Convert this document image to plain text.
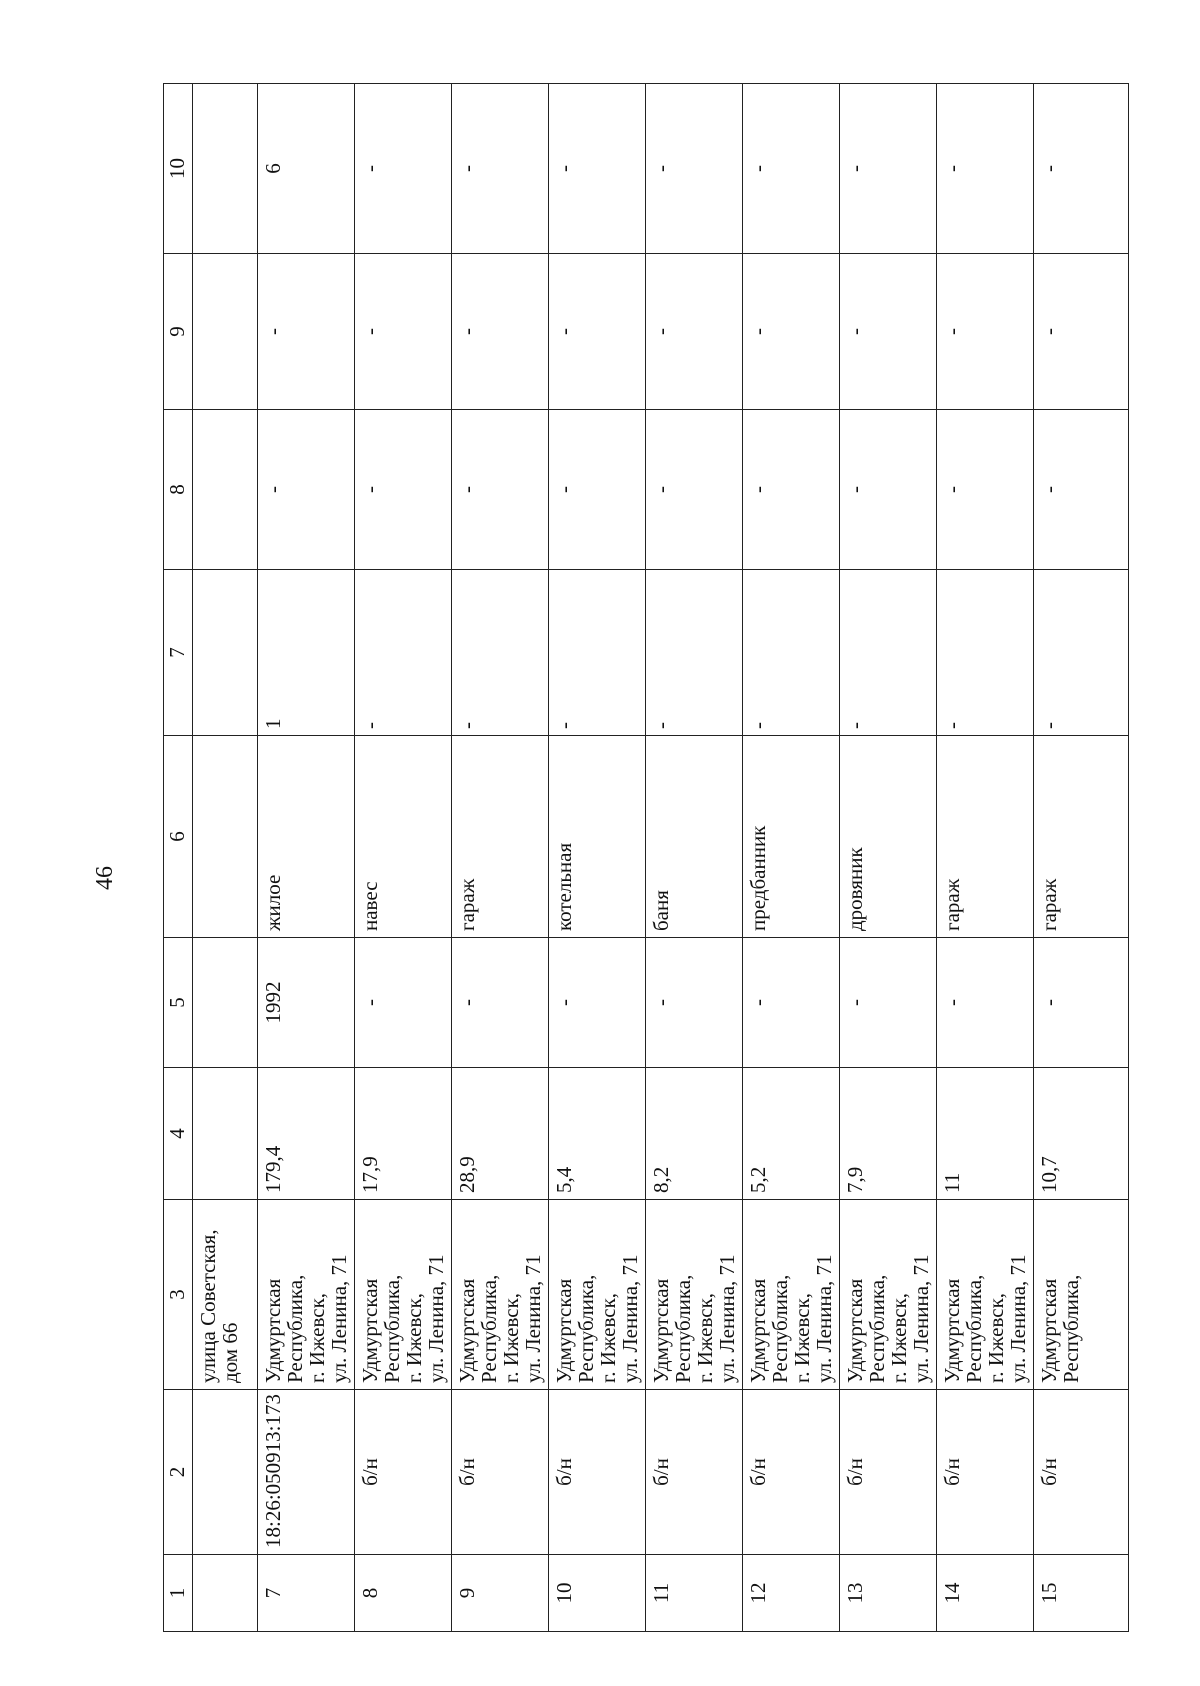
46
1	2	3	4	5	6	7	8	9	10
		улица Советская,
дом 66							
7	18:26:050913:173	Удмуртская
Республика,
г. Ижевск,
ул. Ленина, 71	179,4	1992	жилое	1	-	-	6
8	б/н	Удмуртская
Республика,
г. Ижевск,
ул. Ленина, 71	17,9	-	навес	-	-	-	-
9	б/н	Удмуртская
Республика,
г. Ижевск,
ул. Ленина, 71	28,9	-	гараж	-	-	-	-
10	б/н	Удмуртская
Республика,
г. Ижевск,
ул. Ленина, 71	5,4	-	котельная	-	-	-	-
11	б/н	Удмуртская
Республика,
г. Ижевск,
ул. Ленина, 71	8,2	-	баня	-	-	-	-
12	б/н	Удмуртская
Республика,
г. Ижевск,
ул. Ленина, 71	5,2	-	предбанник	-	-	-	-
13	б/н	Удмуртская
Республика,
г. Ижевск,
ул. Ленина, 71	7,9	-	дровяник	-	-	-	-
14	б/н	Удмуртская
Республика,
г. Ижевск,
ул. Ленина, 71	11	-	гараж	-	-	-	-
15	б/н	Удмуртская
Республика,	10,7	-	гараж	-	-	-	-
